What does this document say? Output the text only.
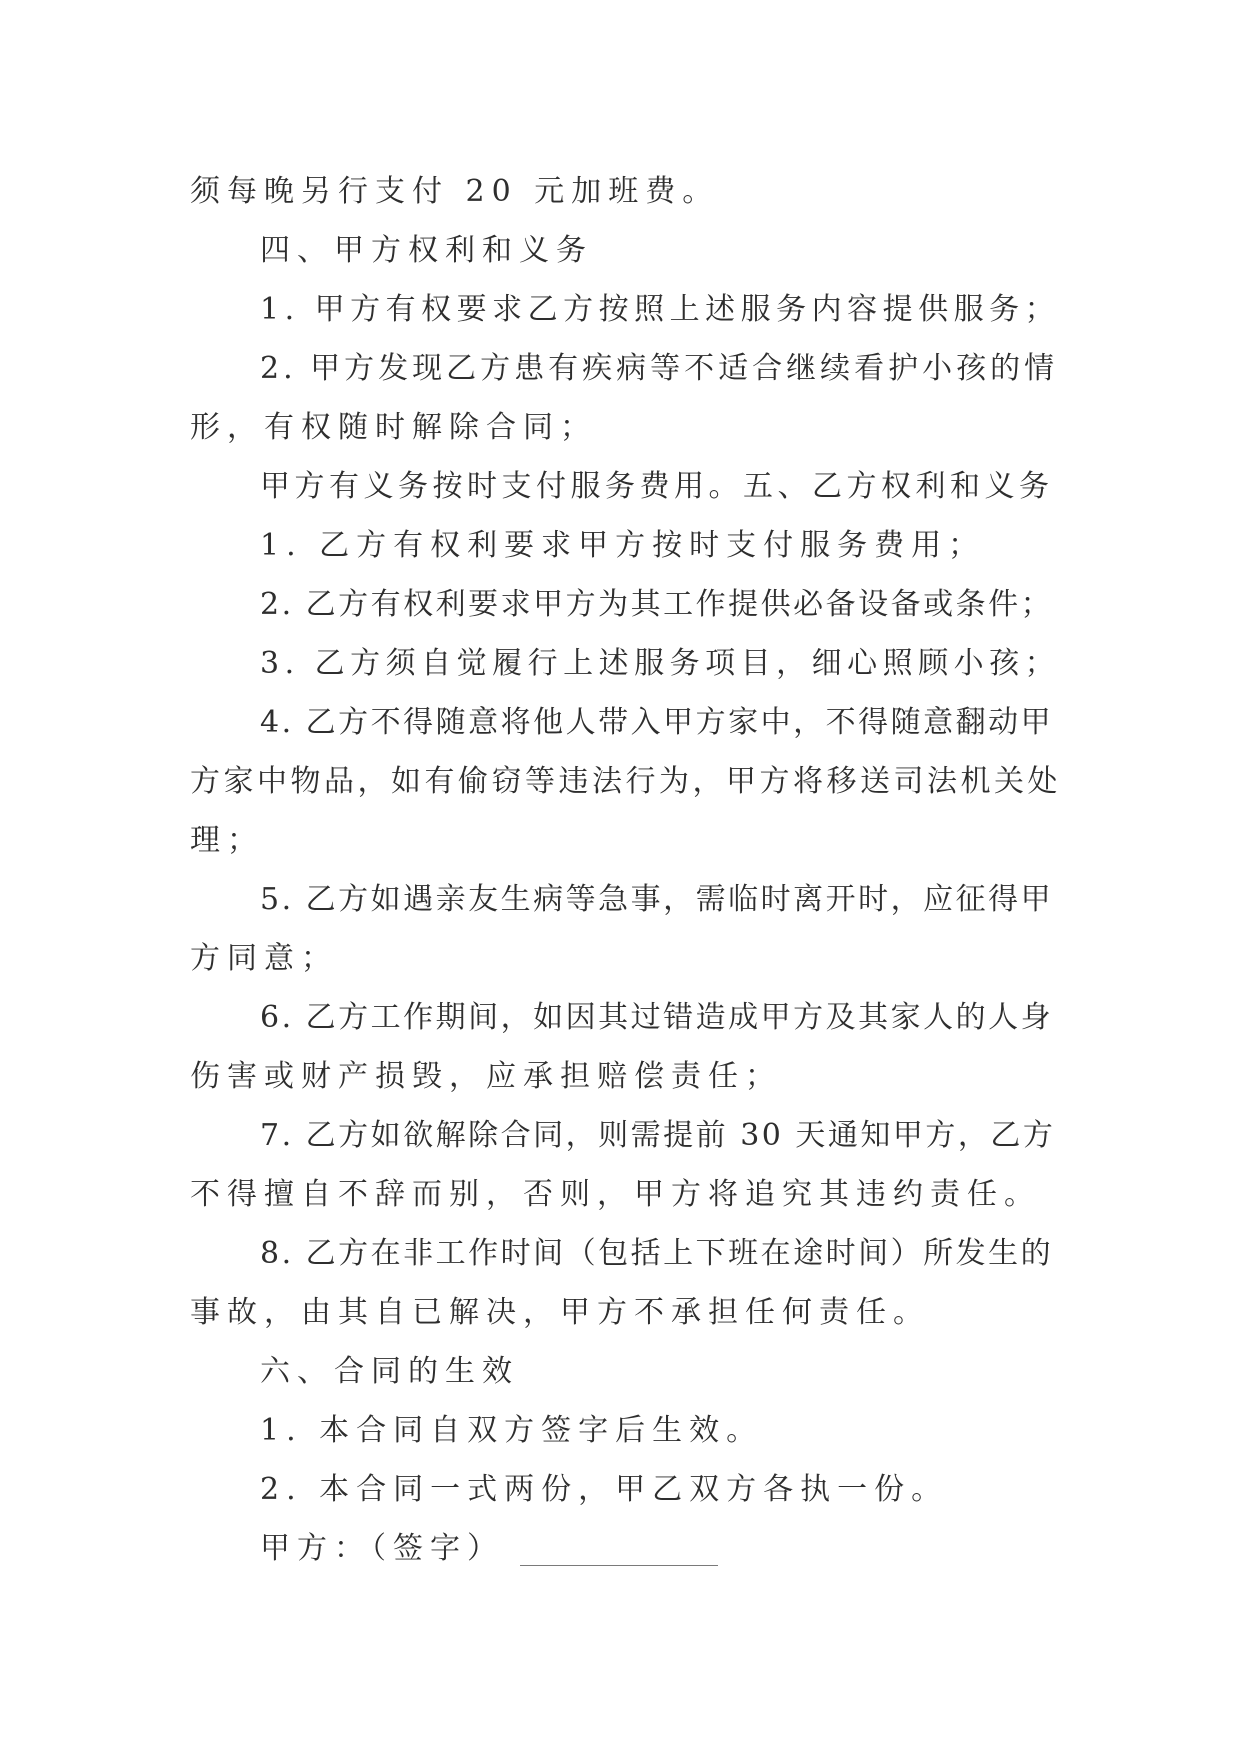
须每晚另行支付 20 元加班费。
四、甲方权利和义务
1. 甲方有权要求乙方按照上述服务内容提供服务；
2. 甲方发现乙方患有疾病等不适合继续看护小孩的情
形，有权随时解除合同；
甲方有义务按时支付服务费用。五、乙方权利和义务
1. 乙方有权利要求甲方按时支付服务费用；
2. 乙方有权利要求甲方为其工作提供必备设备或条件；
3. 乙方须自觉履行上述服务项目，细心照顾小孩；
4. 乙方不得随意将他人带入甲方家中，不得随意翻动甲
方家中物品，如有偷窃等违法行为，甲方将移送司法机关处
理；
5. 乙方如遇亲友生病等急事，需临时离开时，应征得甲
方同意；
6. 乙方工作期间，如因其过错造成甲方及其家人的人身
伤害或财产损毁，应承担赔偿责任；
7. 乙方如欲解除合同，则需提前 30 天通知甲方，乙方
不得擅自不辞而别，否则，甲方将追究其违约责任。
8. 乙方在非工作时间（包括上下班在途时间）所发生的
事故，由其自已解决，甲方不承担任何责任。
六、合同的生效
1. 本合同自双方签字后生效。
2. 本合同一式两份，甲乙双方各执一份。
甲方：（签字）
